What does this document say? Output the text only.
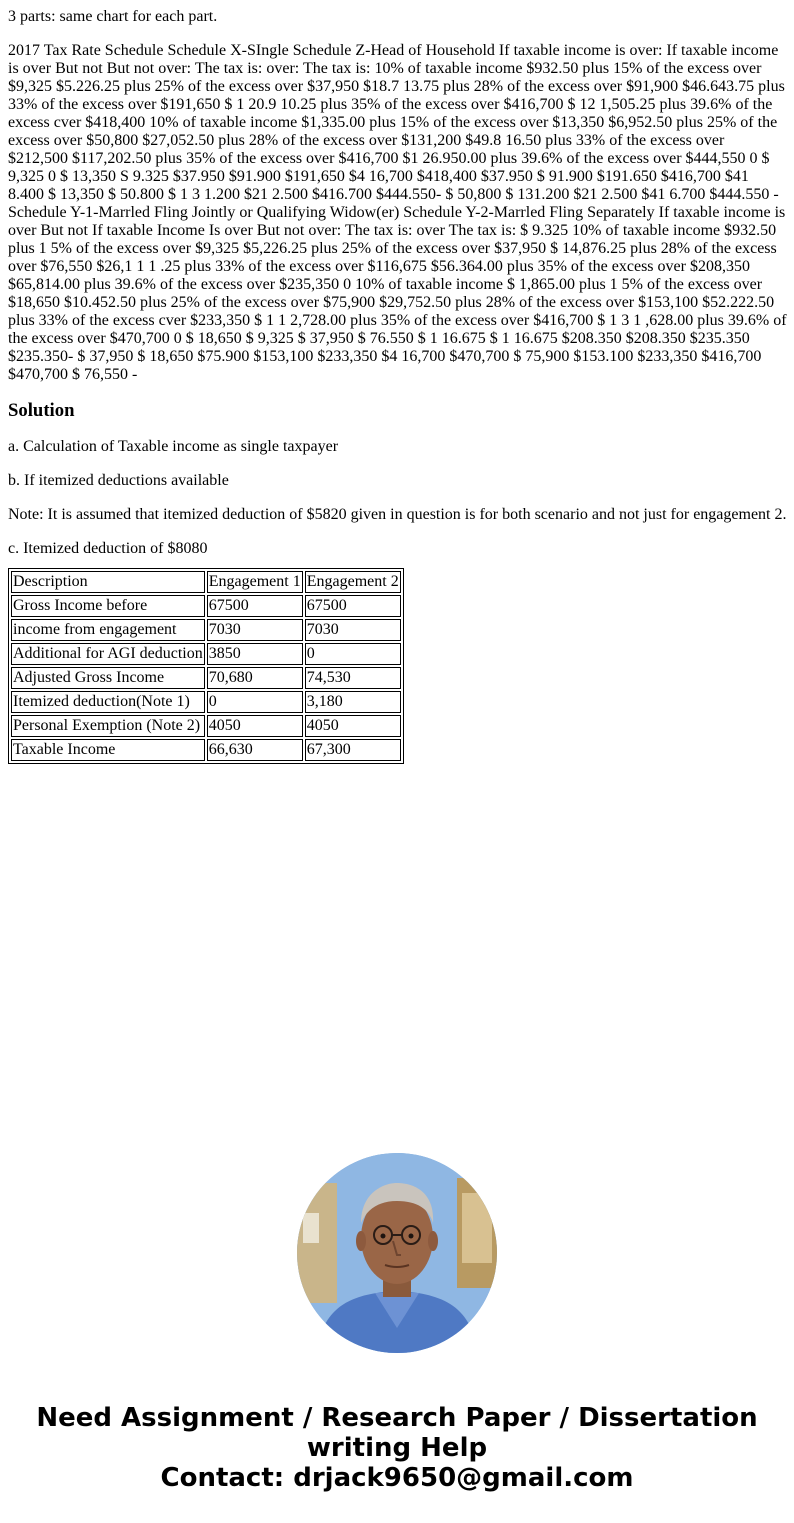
3 parts: same chart for each part.

2017 Tax Rate Schedule Schedule X-SIngle Schedule Z-Head of Household If taxable income is over: If taxable income is over But not But not over: The tax is: over: The tax is: 10% of taxable income $932.50 plus 15% of the excess over $9,325 $5.226.25 plus 25% of the excess over $37,950 $18.7 13.75 plus 28% of the excess over $91,900 $46.643.75 plus 33% of the excess over $191,650 $ 1 20.9 10.25 plus 35% of the excess over $416,700 $ 12 1,505.25 plus 39.6% of the excess cver $418,400 10% of taxable income $1,335.00 plus 15% of the excess over $13,350 $6,952.50 plus 25% of the excess over $50,800 $27,052.50 plus 28% of the excess over $131,200 $49.8 16.50 plus 33% of the excess over $212,500 $117,202.50 plus 35% of the excess over $416,700 $1 26.950.00 plus 39.6% of the excess over $444,550 0 $ 9,325 0 $ 13,350 S 9.325 $37.950 $91.900 $191,650 $4 16,700 $418,400 $37.950 $ 91.900 $191.650 $416,700 $41 8.400 $ 13,350 $ 50.800 $ 1 3 1.200 $21 2.500 $416.700 $444.550- $ 50,800 $ 131.200 $21 2.500 $41 6.700 $444.550 - Schedule Y-1-Marrled Fling Jointly or Qualifying Widow(er) Schedule Y-2-Marrled Fling Separately If taxable income is over But not If taxable Income Is over But not over: The tax is: over The tax is: $ 9.325 10% of taxable income $932.50 plus 1 5% of the excess over $9,325 $5,226.25 plus 25% of the excess over $37,950 $ 14,876.25 plus 28% of the excess over $76,550 $26,1 1 1 .25 plus 33% of the excess over $116,675 $56.364.00 plus 35% of the excess over $208,350 $65,814.00 plus 39.6% of the excess over $235,350 0 10% of taxable income $ 1,865.00 plus 1 5% of the excess over $18,650 $10.452.50 plus 25% of the excess over $75,900 $29,752.50 plus 28% of the excess over $153,100 $52.222.50 plus 33% of the excess cver $233,350 $ 1 1 2,728.00 plus 35% of the excess over $416,700 $ 1 3 1 ,628.00 plus 39.6% of the excess over $470,700 0 $ 18,650 $ 9,325 $ 37,950 $ 76.550 $ 1 16.675 $ 1 16.675 $208.350 $208.350 $235.350 $235.350- $ 37,950 $ 18,650 $75.900 $153,100 $233,350 $4 16,700 $470,700 $ 75,900 $153.100 $233,350 $416,700 $470,700 $ 76,550 -

Solution

a. Calculation of Taxable income as single taxpayer

b. If itemized deductions available

Note: It is assumed that itemized deduction of $5820 given in question is for both scenario and not just for engagement 2.

c. Itemized deduction of $8080

Description	Engagement 1	Engagement 2
Gross Income before	67500	67500
income from engagement	7030	7030
Additional for AGI deduction	3850	0
Adjusted Gross Income	70,680	74,530
Itemized deduction(Note 1)	0	3,180
Personal Exemption (Note 2)	4050	4050
Taxable Income	66,630	67,300
Need Assignment / Research Paper / Dissertation
writing Help
Contact: drjack9650@gmail.com
